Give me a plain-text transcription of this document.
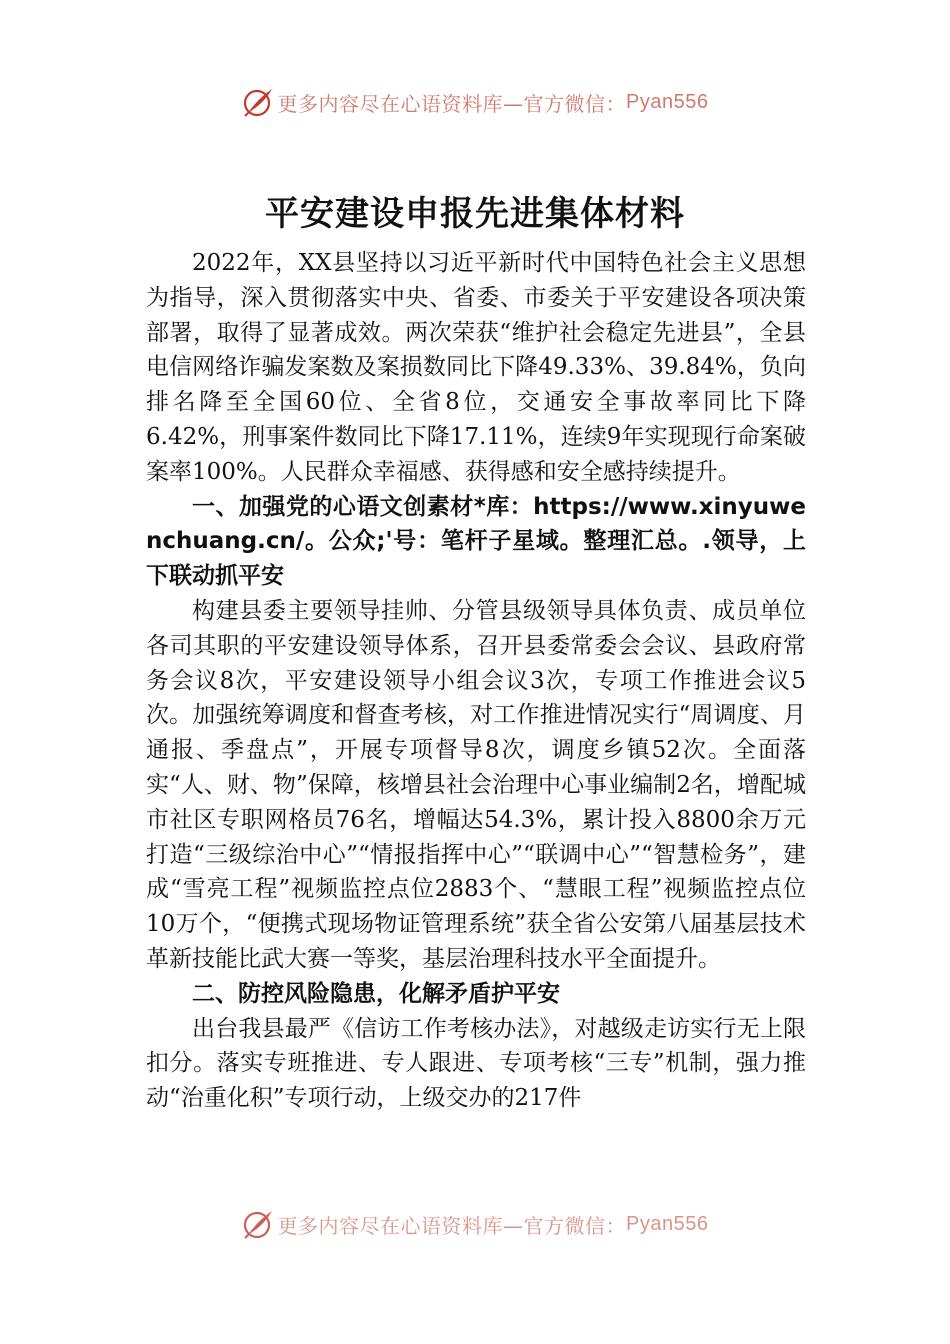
更多内容尽在心语资料库—官方微信： Pyan556
平安建设申报先进集体材料

2022年，XX县坚持以习近平新时代中国特色社会主义思想为指导，深入贯彻落实中央、省委、市委关于平安建设各项决策部署，取得了显著成效。两次荣获“维护社会稳定先进县”，全县电信网络诈骗发案数及案损数同比下降49.33%、39.84%，负向排名降至全国60位、全省8位，交通安全事故率同比下降6.42%，刑事案件数同比下降17.11%，连续9年实现现行命案破案率100%。人民群众幸福感、获得感和安全感持续提升。

一、加强党的心语文创素材*库：https://www.xinyuwenchuang.cn/。公众;'号：笔杆子星域。整理汇总。.领导，上下联动抓平安

构建县委主要领导挂帅、分管县级领导具体负责、成员单位各司其职的平安建设领导体系，召开县委常委会会议、县政府常务会议8次，平安建设领导小组会议3次，专项工作推进会议5次。加强统筹调度和督查考核，对工作推进情况实行“周调度、月通报、季盘点”，开展专项督导8次，调度乡镇52次。全面落实“人、财、物”保障，核增县社会治理中心事业编制2名，增配城市社区专职网格员76名，增幅达54.3%，累计投入8800余万元打造“三级综治中心”“情报指挥中心”“联调中心”“智慧检务”，建成“雪亮工程”视频监控点位2883个、“慧眼工程”视频监控点位10万个，“便携式现场物证管理系统”获全省公安第八届基层技术革新技能比武大赛一等奖，基层治理科技水平全面提升。

二、防控风险隐患，化解矛盾护平安

出台我县最严《信访工作考核办法》，对越级走访实行无上限扣分。落实专班推进、专人跟进、专项考核“三专”机制，强力推动“治重化积”专项行动，上级交办的217件

更多内容尽在心语资料库—官方微信： Pyan556
